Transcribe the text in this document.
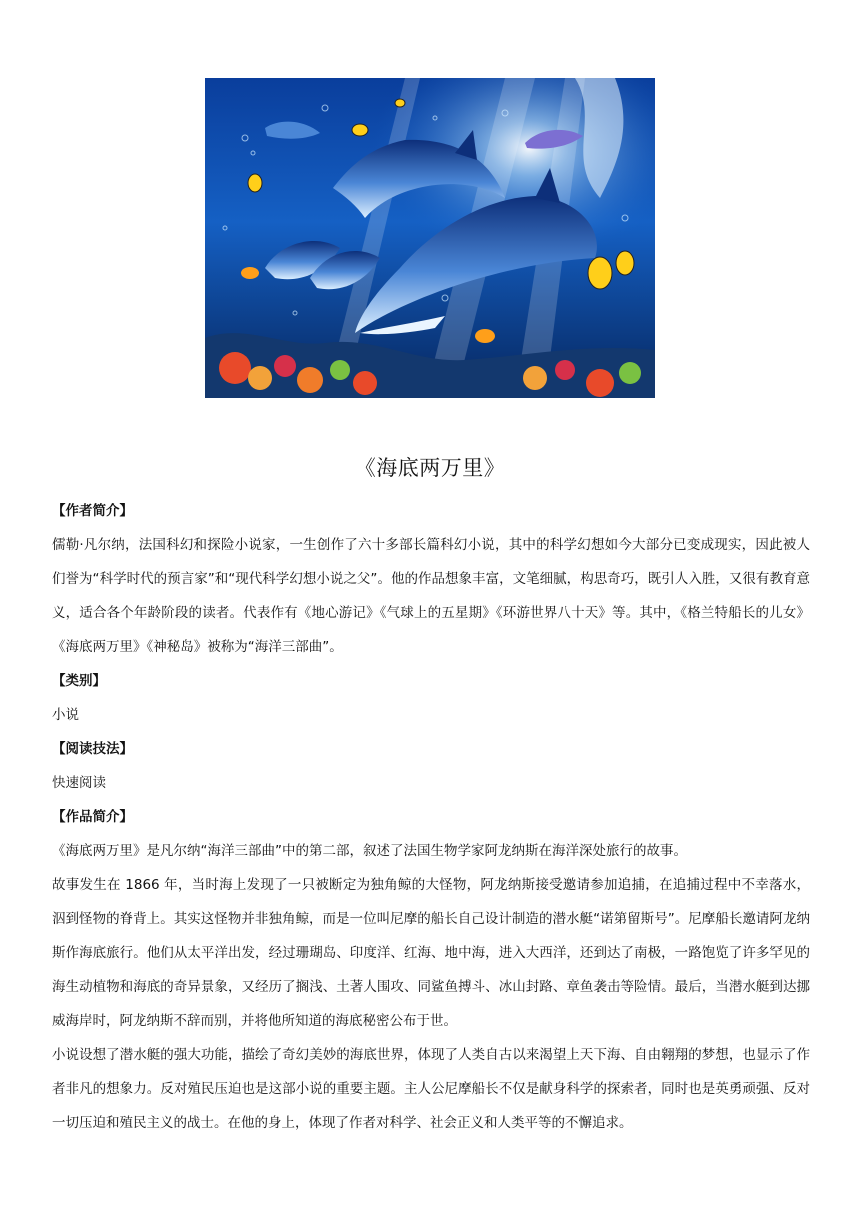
《海底两万里》

【作者简介】

儒勒·凡尔纳，法国科幻和探险小说家，一生创作了六十多部长篇科幻小说，其中的科学幻想如今大部分已变成现实，因此被人们誉为“科学时代的预言家”和“现代科学幻想小说之父”。他的作品想象丰富，文笔细腻，构思奇巧，既引人入胜，又很有教育意义，适合各个年龄阶段的读者。代表作有《地心游记》《气球上的五星期》《环游世界八十天》等。其中，《格兰特船长的儿女》《海底两万里》《神秘岛》被称为“海洋三部曲”。

【类别】

小说

【阅读技法】

快速阅读

【作品简介】

《海底两万里》是凡尔纳“海洋三部曲”中的第二部，叙述了法国生物学家阿龙纳斯在海洋深处旅行的故事。

故事发生在 1866 年，当时海上发现了一只被断定为独角鲸的大怪物，阿龙纳斯接受邀请参加追捕，在追捕过程中不幸落水，泅到怪物的脊背上。其实这怪物并非独角鲸，而是一位叫尼摩的船长自己设计制造的潜水艇“诺第留斯号”。尼摩船长邀请阿龙纳斯作海底旅行。他们从太平洋出发，经过珊瑚岛、印度洋、红海、地中海，进入大西洋，还到达了南极，一路饱览了许多罕见的海生动植物和海底的奇异景象，又经历了搁浅、土著人围攻、同鲨鱼搏斗、冰山封路、章鱼袭击等险情。最后，当潜水艇到达挪威海岸时，阿龙纳斯不辞而别，并将他所知道的海底秘密公布于世。

小说设想了潜水艇的强大功能，描绘了奇幻美妙的海底世界，体现了人类自古以来渴望上天下海、自由翱翔的梦想，也显示了作者非凡的想象力。反对殖民压迫也是这部小说的重要主题。主人公尼摩船长不仅是献身科学的探索者，同时也是英勇顽强、反对一切压迫和殖民主义的战士。在他的身上，体现了作者对科学、社会正义和人类平等的不懈追求。
